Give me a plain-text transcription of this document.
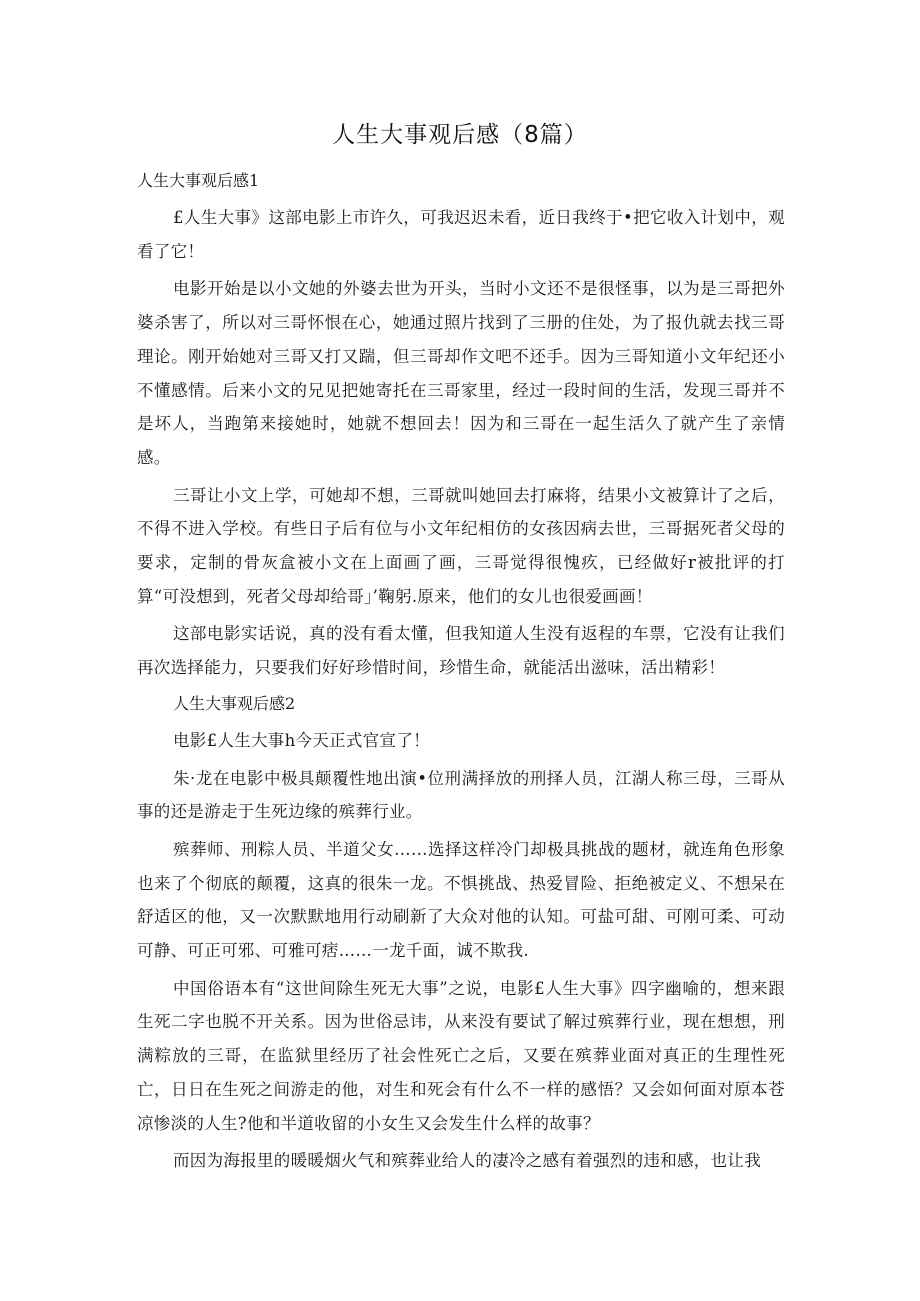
人生大事观后感（8篇）
人生大事观后感1

£人生大事》这部电影上市许久，可我迟迟未看，近日我终于•把它收入计划中，观看了它！

电影开始是以小文她的外婆去世为开头，当时小文还不是很怪事，以为是三哥把外婆杀害了，所以对三哥怀恨在心，她通过照片找到了三册的住处，为了报仇就去找三哥理论。刚开始她对三哥又打又踹，但三哥却作文吧不还手。因为三哥知道小文年纪还小不懂感情。后来小文的兄见把她寄托在三哥家里，经过一段时间的生活，发现三哥并不是坏人，当跑第来接她时，她就不想回去！因为和三哥在一起生活久了就产生了亲情感。

三哥让小文上学，可她却不想，三哥就叫她回去打麻将，结果小文被算计了之后，不得不进入学校。有些日子后有位与小文年纪相仿的女孩因病去世，三哥据死者父母的要求，定制的骨灰盒被小文在上面画了画，三哥觉得很愧疚，已经做好r被批评的打算“可没想到，死者父母却给哥」’鞠躬.原来，他们的女儿也很爱画画！

这部电影实话说，真的没有看太懂，但我知道人生没有返程的车票，它没有让我们再次选择能力，只要我们好好珍惜时间，珍惜生命，就能活出滋味，活出精彩！

人生大事观后感2

电影£人生大事h今天正式官宣了！

朱·龙在电影中极具颠覆性地出演•位刑满择放的刑择人员，江湖人称三母，三哥从事的还是游走于生死边缘的殡葬行业。

殡葬师、刑粽人员、半道父女……选择这样冷门却极具挑战的题材，就连角色形象也来了个彻底的颠覆，这真的很朱一龙。不惧挑战、热爱冒险、拒绝被定义、不想呆在舒适区的他，又一次默默地用行动刷新了大众对他的认知。可盐可甜、可刚可柔、可动可静、可正可邪、可雅可痞……一龙千面，诚不欺我.

中国俗语本有“这世间除生死无大事”之说，电影£人生大事》四字幽喻的，想来跟生死二字也脱不开关系。因为世俗忌讳，从来没有要试了解过殡葬行业，现在想想，刑满粽放的三哥，在监狱里经历了社会性死亡之后，又要在殡葬业面对真正的生理性死亡，日日在生死之间游走的他，对生和死会有什么不一样的感悟？又会如何面对原本苍凉惨淡的人生?他和半道收留的小女生又会发生什么样的故事？

而因为海报里的暖暖烟火气和殡葬业给人的凄冷之感有着强烈的违和感，也让我
